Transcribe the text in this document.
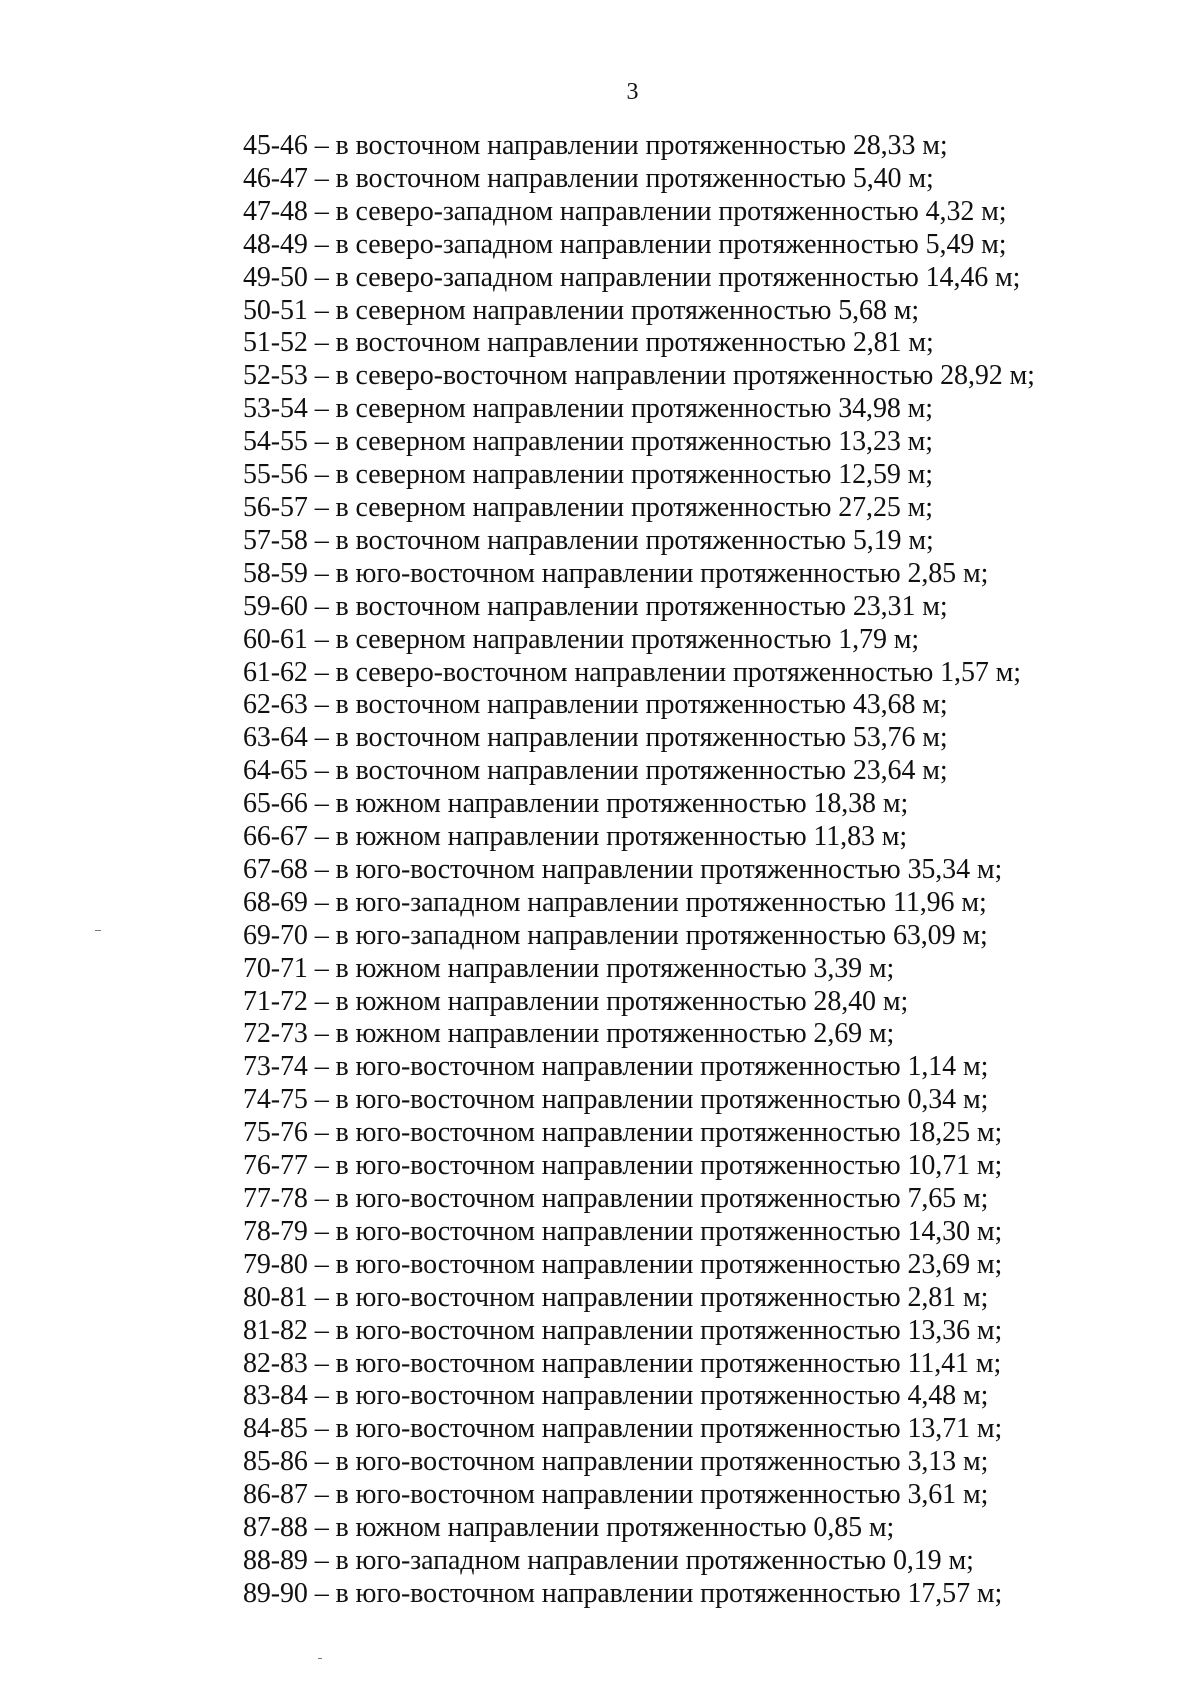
3
45-46 – в восточном направлении протяженностью 28,33 м;
46-47 – в восточном направлении протяженностью 5,40 м;
47-48 – в северо-западном направлении протяженностью 4,32 м;
48-49 – в северо-западном направлении протяженностью 5,49 м;
49-50 – в северо-западном направлении протяженностью 14,46 м;
50-51 – в северном направлении протяженностью 5,68 м;
51-52 – в восточном направлении протяженностью 2,81 м;
52-53 – в северо-восточном направлении протяженностью 28,92 м;
53-54 – в северном направлении протяженностью 34,98 м;
54-55 – в северном направлении протяженностью 13,23 м;
55-56 – в северном направлении протяженностью 12,59 м;
56-57 – в северном направлении протяженностью 27,25 м;
57-58 – в восточном направлении протяженностью 5,19 м;
58-59 – в юго-восточном направлении протяженностью 2,85 м;
59-60 – в восточном направлении протяженностью 23,31 м;
60-61 – в северном направлении протяженностью 1,79 м;
61-62 – в северо-восточном направлении протяженностью 1,57 м;
62-63 – в восточном направлении протяженностью 43,68 м;
63-64 – в восточном направлении протяженностью 53,76 м;
64-65 – в восточном направлении протяженностью 23,64 м;
65-66 – в южном направлении протяженностью 18,38 м;
66-67 – в южном направлении протяженностью 11,83 м;
67-68 – в юго-восточном направлении протяженностью 35,34 м;
68-69 – в юго-западном направлении протяженностью 11,96 м;
69-70 – в юго-западном направлении протяженностью 63,09 м;
70-71 – в южном направлении протяженностью 3,39 м;
71-72 – в южном направлении протяженностью 28,40 м;
72-73 – в южном направлении протяженностью 2,69 м;
73-74 – в юго-восточном направлении протяженностью 1,14 м;
74-75 – в юго-восточном направлении протяженностью 0,34 м;
75-76 – в юго-восточном направлении протяженностью 18,25 м;
76-77 – в юго-восточном направлении протяженностью 10,71 м;
77-78 – в юго-восточном направлении протяженностью 7,65 м;
78-79 – в юго-восточном направлении протяженностью 14,30 м;
79-80 – в юго-восточном направлении протяженностью 23,69 м;
80-81 – в юго-восточном направлении протяженностью 2,81 м;
81-82 – в юго-восточном направлении протяженностью 13,36 м;
82-83 – в юго-восточном направлении протяженностью 11,41 м;
83-84 – в юго-восточном направлении протяженностью 4,48 м;
84-85 – в юго-восточном направлении протяженностью 13,71 м;
85-86 – в юго-восточном направлении протяженностью 3,13 м;
86-87 – в юго-восточном направлении протяженностью 3,61 м;
87-88 – в южном направлении протяженностью 0,85 м;
88-89 – в юго-западном направлении протяженностью 0,19 м;
89-90 – в юго-восточном направлении протяженностью 17,57 м;
